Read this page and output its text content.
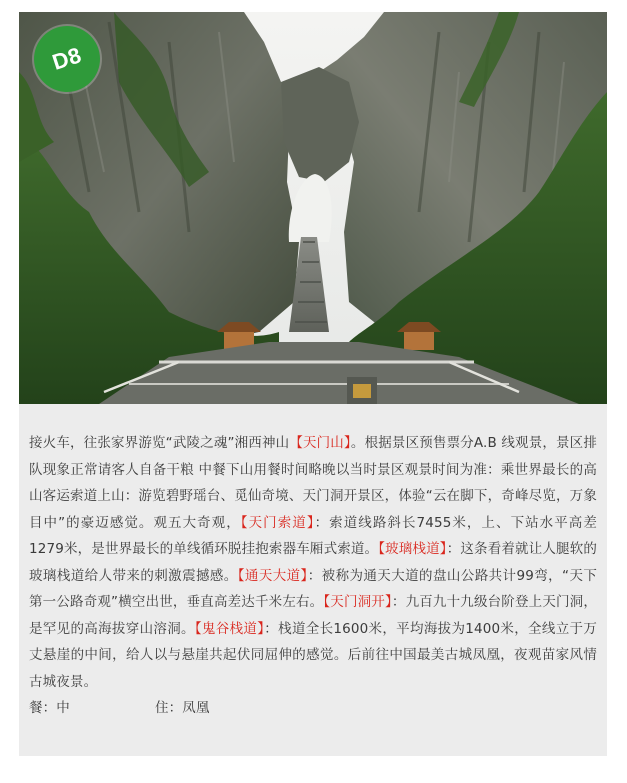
D8

接火车，往张家界游览“武陵之魂”湘西神山【天门山】。根据景区预售票分A.B 线观景，景区排队现象正常请客人自备干粮 中餐下山用餐时间略晚以当时景区观景时间为准：乘世界最长的高山客运索道上山：游览碧野瑶台、觅仙奇境、天门洞开景区，体验“云在脚下，奇峰尽览，万象目中”的豪迈感觉。观五大奇观，【天门索道】：索道线路斜长7455米，上、下站水平高差1279米，是世界最长的单线循环脱挂抱索器车厢式索道。【玻璃栈道】：这条看着就让人腿软的玻璃栈道给人带来的刺激震撼感。【通天大道】：被称为通天大道的盘山公路共计99弯，“天下第一公路奇观”横空出世，垂直高差达千米左右。【天门洞开】：九百九十九级台阶登上天门洞，是罕见的高海拔穿山溶洞。【鬼谷栈道】：栈道全长1600米，平均海拔为1400米，全线立于万丈悬崖的中间，给人以与悬崖共起伏同屈伸的感觉。后前往中国最美古城凤凰，夜观苗家风情古城夜景。

餐：中	住：凤凰
